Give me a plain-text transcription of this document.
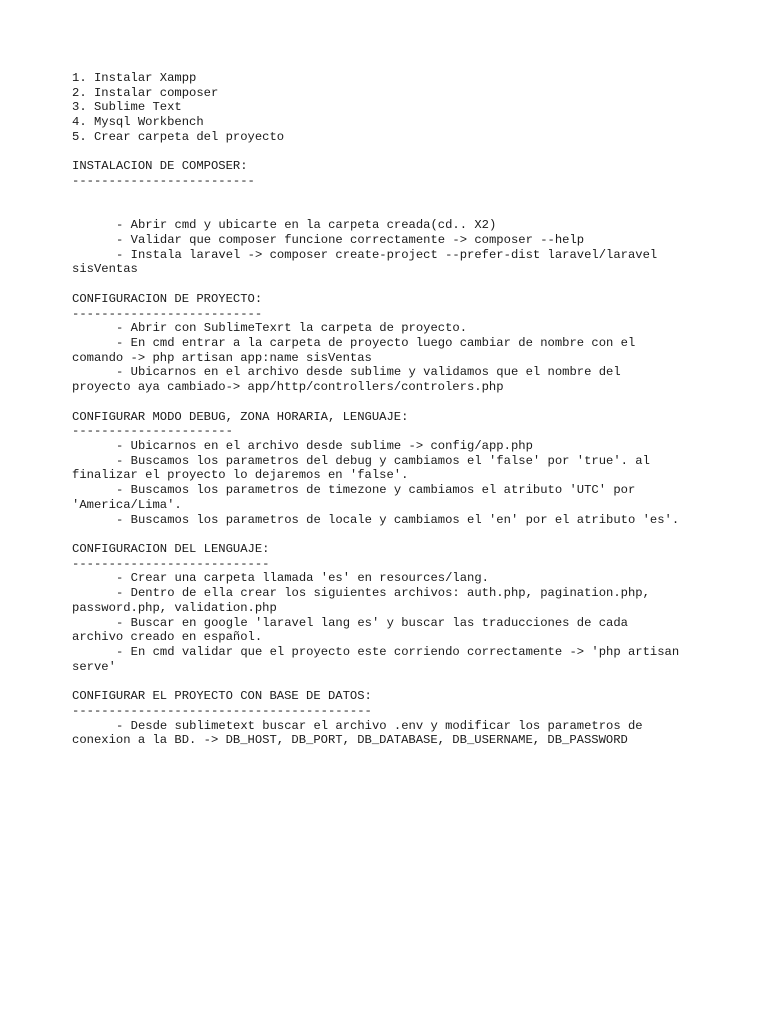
1. Instalar Xampp
2. Instalar composer
3. Sublime Text
4. Mysql Workbench
5. Crear carpeta del proyecto
INSTALACION DE COMPOSER:
-------------------------
- Abrir cmd y ubicarte en la carpeta creada(cd.. X2)
- Validar que composer funcione correctamente -> composer --help
- Instala laravel -> composer create-project --prefer-dist laravel/laravel
sisVentas
CONFIGURACION DE PROYECTO:
--------------------------
- Abrir con SublimeTexrt la carpeta de proyecto.
- En cmd entrar a la carpeta de proyecto luego cambiar de nombre con el
comando -> php artisan app:name sisVentas
- Ubicarnos en el archivo desde sublime y validamos que el nombre del
proyecto aya cambiado-> app/http/controllers/controlers.php
CONFIGURAR MODO DEBUG, ZONA HORARIA, LENGUAJE:
----------------------
- Ubicarnos en el archivo desde sublime -> config/app.php
- Buscamos los parametros del debug y cambiamos el 'false' por 'true'. al
finalizar el proyecto lo dejaremos en 'false'.
- Buscamos los parametros de timezone y cambiamos el atributo 'UTC' por
'America/Lima'.
- Buscamos los parametros de locale y cambiamos el 'en' por el atributo 'es'.
CONFIGURACION DEL LENGUAJE:
---------------------------
- Crear una carpeta llamada 'es' en resources/lang.
- Dentro de ella crear los siguientes archivos: auth.php, pagination.php,
password.php, validation.php
- Buscar en google 'laravel lang es' y buscar las traducciones de cada
archivo creado en español.
- En cmd validar que el proyecto este corriendo correctamente -> 'php artisan
serve'
CONFIGURAR EL PROYECTO CON BASE DE DATOS:
-----------------------------------------
- Desde sublimetext buscar el archivo .env y modificar los parametros de
conexion a la BD. -> DB_HOST, DB_PORT, DB_DATABASE, DB_USERNAME, DB_PASSWORD
